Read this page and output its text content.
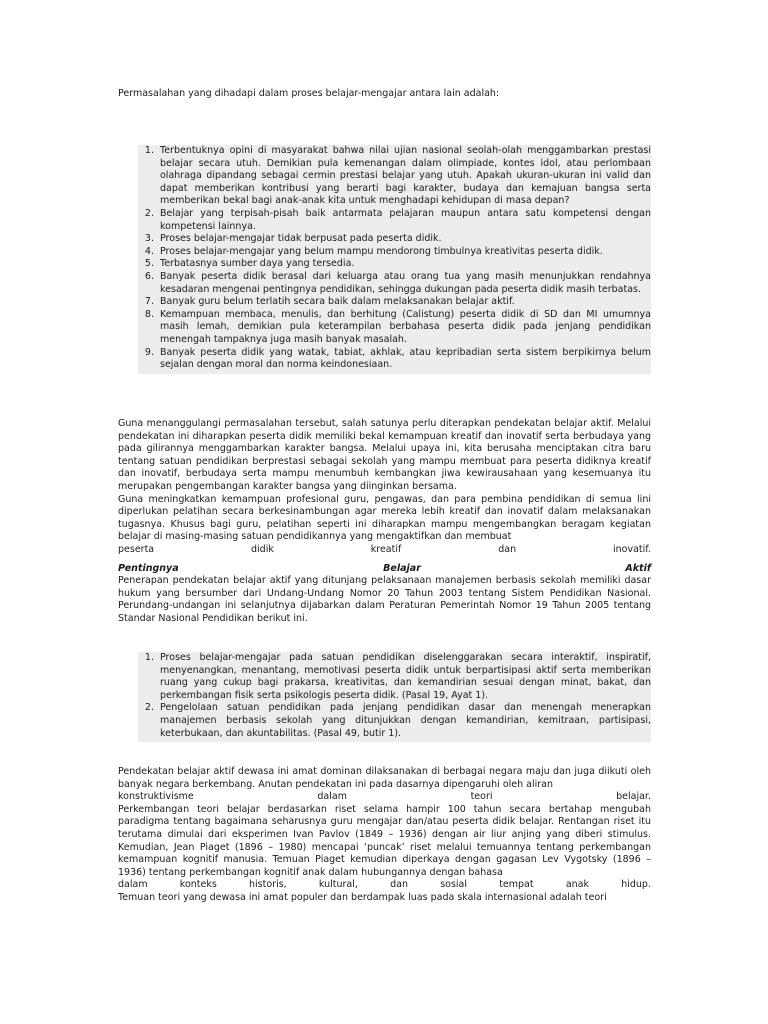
Permasalahan yang dihadapi dalam proses belajar-mengajar antara lain adalah:
1. Terbentuknya opini di masyarakat bahwa nilai ujian nasional seolah-olah menggambarkan prestasi belajar secara utuh. Demikian pula kemenangan dalam olimpiade, kontes idol, atau perlombaan olahraga dipandang sebagai cermin prestasi belajar yang utuh. Apakah ukuran-ukuran ini valid dan dapat memberikan kontribusi yang berarti bagi karakter, budaya dan kemajuan bangsa serta memberikan bekal bagi anak-anak kita untuk menghadapi kehidupan di masa depan?
2. Belajar yang terpisah-pisah baik antarmata pelajaran maupun antara satu kompetensi dengan kompetensi lainnya.
3. Proses belajar-mengajar tidak berpusat pada peserta didik.
4. Proses belajar-mengajar yang belum mampu mendorong timbulnya kreativitas peserta didik.
5. Terbatasnya sumber daya yang tersedia.
6. Banyak peserta didik berasal dari keluarga atau orang tua yang masih menunjukkan rendahnya kesadaran mengenai pentingnya pendidikan, sehingga dukungan pada peserta didik masih terbatas.
7. Banyak guru belum terlatih secara baik dalam melaksanakan belajar aktif.
8. Kemampuan membaca, menulis, dan berhitung (Calistung) peserta didik di SD dan MI umumnya masih lemah, demikian pula keterampilan berbahasa peserta didik pada jenjang pendidikan menengah tampaknya juga masih banyak masalah.
9. Banyak peserta didik yang watak, tabiat, akhlak, atau kepribadian serta sistem berpikirnya belum sejalan dengan moral dan norma keindonesiaan.
Guna menanggulangi permasalahan tersebut, salah satunya perlu diterapkan pendekatan belajar aktif. Melalui pendekatan ini diharapkan peserta didik memiliki bekal kemampuan kreatif dan inovatif serta berbudaya yang pada gilirannya menggambarkan karakter bangsa. Melalui upaya ini, kita berusaha menciptakan citra baru tentang satuan pendidikan berprestasi sebagai sekolah yang mampu membuat para peserta didiknya kreatif dan inovatif, berbudaya serta mampu menumbuh kembangkan jiwa kewirausahaan yang kesemuanya itu merupakan pengembangan karakter bangsa yang diinginkan bersama.
Guna meningkatkan kemampuan profesional guru, pengawas, dan para pembina pendidikan di semua lini diperlukan pelatihan secara berkesinambungan agar mereka lebih kreatif dan inovatif dalam melaksanakan tugasnya. Khusus bagi guru, pelatihan seperti ini diharapkan mampu mengembangkan beragam kegiatan belajar di masing-masing satuan pendidikannya yang mengaktifkan dan membuat
peserta	didik	kreatif	dan	inovatif.
Pentingnya	Belajar	Aktif
Penerapan pendekatan belajar aktif yang ditunjang pelaksanaan manajemen berbasis sekolah memiliki dasar hukum yang bersumber dari Undang-Undang Nomor 20 Tahun 2003 tentang Sistem Pendidikan Nasional. Perundang-undangan ini selanjutnya dijabarkan dalam Peraturan Pemerintah Nomor 19 Tahun 2005 tentang Standar Nasional Pendidikan berikut ini.
1. Proses belajar-mengajar pada satuan pendidikan diselenggarakan secara interaktif, inspiratif, menyenangkan, menantang, memotivasi peserta didik untuk berpartisipasi aktif serta memberikan ruang yang cukup bagi prakarsa, kreativitas, dan kemandirian sesuai dengan minat, bakat, dan perkembangan fisik serta psikologis peserta didik. (Pasal 19, Ayat 1).
2. Pengelolaan satuan pendidikan pada jenjang pendidikan dasar dan menengah menerapkan manajemen berbasis sekolah yang ditunjukkan dengan kemandirian, kemitraan, partisipasi, keterbukaan, dan akuntabilitas. (Pasal 49, butir 1).
Pendekatan belajar aktif dewasa ini amat dominan dilaksanakan di berbagai negara maju dan juga diikuti oleh banyak negara berkembang. Anutan pendekatan ini pada dasarnya dipengaruhi oleh aliran
konstruktivisme	dalam	teori	belajar.
Perkembangan teori belajar berdasarkan riset selama hampir 100 tahun secara bertahap mengubah paradigma tentang bagaimana seharusnya guru mengajar dan/atau peserta didik belajar. Rentangan riset itu terutama dimulai dari eksperimen Ivan Pavlov (1849 – 1936) dengan air liur anjing yang diberi stimulus. Kemudian, Jean Piaget (1896 – 1980) mencapai ‘puncak’ riset melalui temuannya tentang perkembangan kemampuan kognitif manusia. Temuan Piaget kemudian diperkaya dengan gagasan Lev Vygotsky (1896 – 1936) tentang perkembangan kognitif anak dalam hubungannya dengan bahasa
dalam	konteks	historis,	kultural,	dan	sosial	tempat	anak	hidup.
Temuan teori yang dewasa ini amat populer dan berdampak luas pada skala internasional adalah teori
